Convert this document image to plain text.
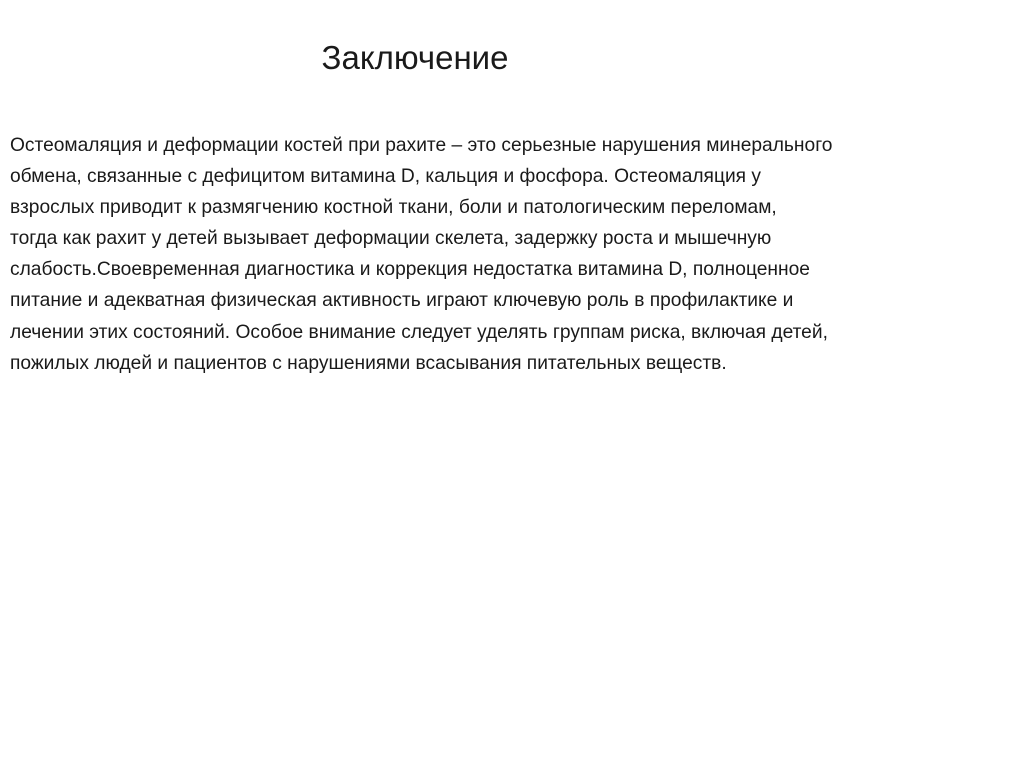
Заключение

Остеомаляция и деформации костей при рахите – это серьезные нарушения минерального
обмена, связанные с дефицитом витамина D, кальция и фосфора. Остеомаляция у
взрослых приводит к размягчению костной ткани, боли и патологическим переломам,
тогда как рахит у детей вызывает деформации скелета, задержку роста и мышечную
слабость.Своевременная диагностика и коррекция недостатка витамина D, полноценное
питание и адекватная физическая активность играют ключевую роль в профилактике и
лечении этих состояний. Особое внимание следует уделять группам риска, включая детей,
пожилых людей и пациентов с нарушениями всасывания питательных веществ.
